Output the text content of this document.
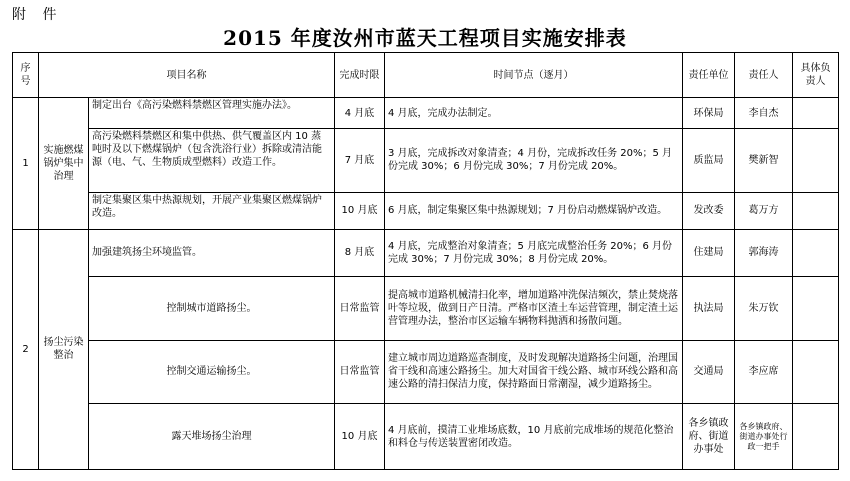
附 件
2015 年度汝州市蓝天工程项目实施安排表
序号	项目名称		完成时限	时间节点（逐月）	责任单位	责任人	具体负责人
1	实施燃煤锅炉集中治理	制定出台《高污染燃料禁燃区管理实施办法》。	4 月底	4 月底，完成办法制定。	环保局	李自杰	
		高污染燃料禁燃区和集中供热、供气覆盖区内 10 蒸吨时及以下燃煤锅炉（包含洗浴行业）拆除或清洁能源（电、气、生物质成型燃料）改造工作。	7 月底	3 月底，完成拆改对象清查；4 月份，完成拆改任务 20%；5 月份完成 30%；6 月份完成 30%；7 月份完成 20%。	质监局	樊新智	
		制定集聚区集中热源规划，开展产业集聚区燃煤锅炉改造。	10 月底	6 月底，制定集聚区集中热源规划；7 月份启动燃煤锅炉改造。	发改委	葛万方	
2	扬尘污染整治	加强建筑扬尘环境监管。	8 月底	4 月底，完成整治对象清查；5 月底完成整治任务 20%；6 月份完成 30%；7 月份完成 30%；8 月份完成 20%。	住建局	郭海涛	
		控制城市道路扬尘。	日常监管	提高城市道路机械清扫化率，增加道路冲洗保洁频次，禁止焚烧落叶等垃圾，做到日产日清。严格市区渣土车运营管理，制定渣土运营管理办法，整治市区运输车辆物料抛洒和扬散问题。	执法局	朱万钦	
		控制交通运输扬尘。	日常监管	建立城市周边道路巡查制度，及时发现解决道路扬尘问题，治理国省干线和高速公路扬尘。加大对国省干线公路、城市环线公路和高速公路的清扫保洁力度，保持路面日常潮湿，减少道路扬尘。	交通局	李应席	
		露天堆场扬尘治理	10 月底	4 月底前，摸清工业堆场底数，10 月底前完成堆场的规范化整治和料仓与传送装置密闭改造。	各乡镇政府、街道办事处	各乡镇政府、街道办事处行政一把手	
